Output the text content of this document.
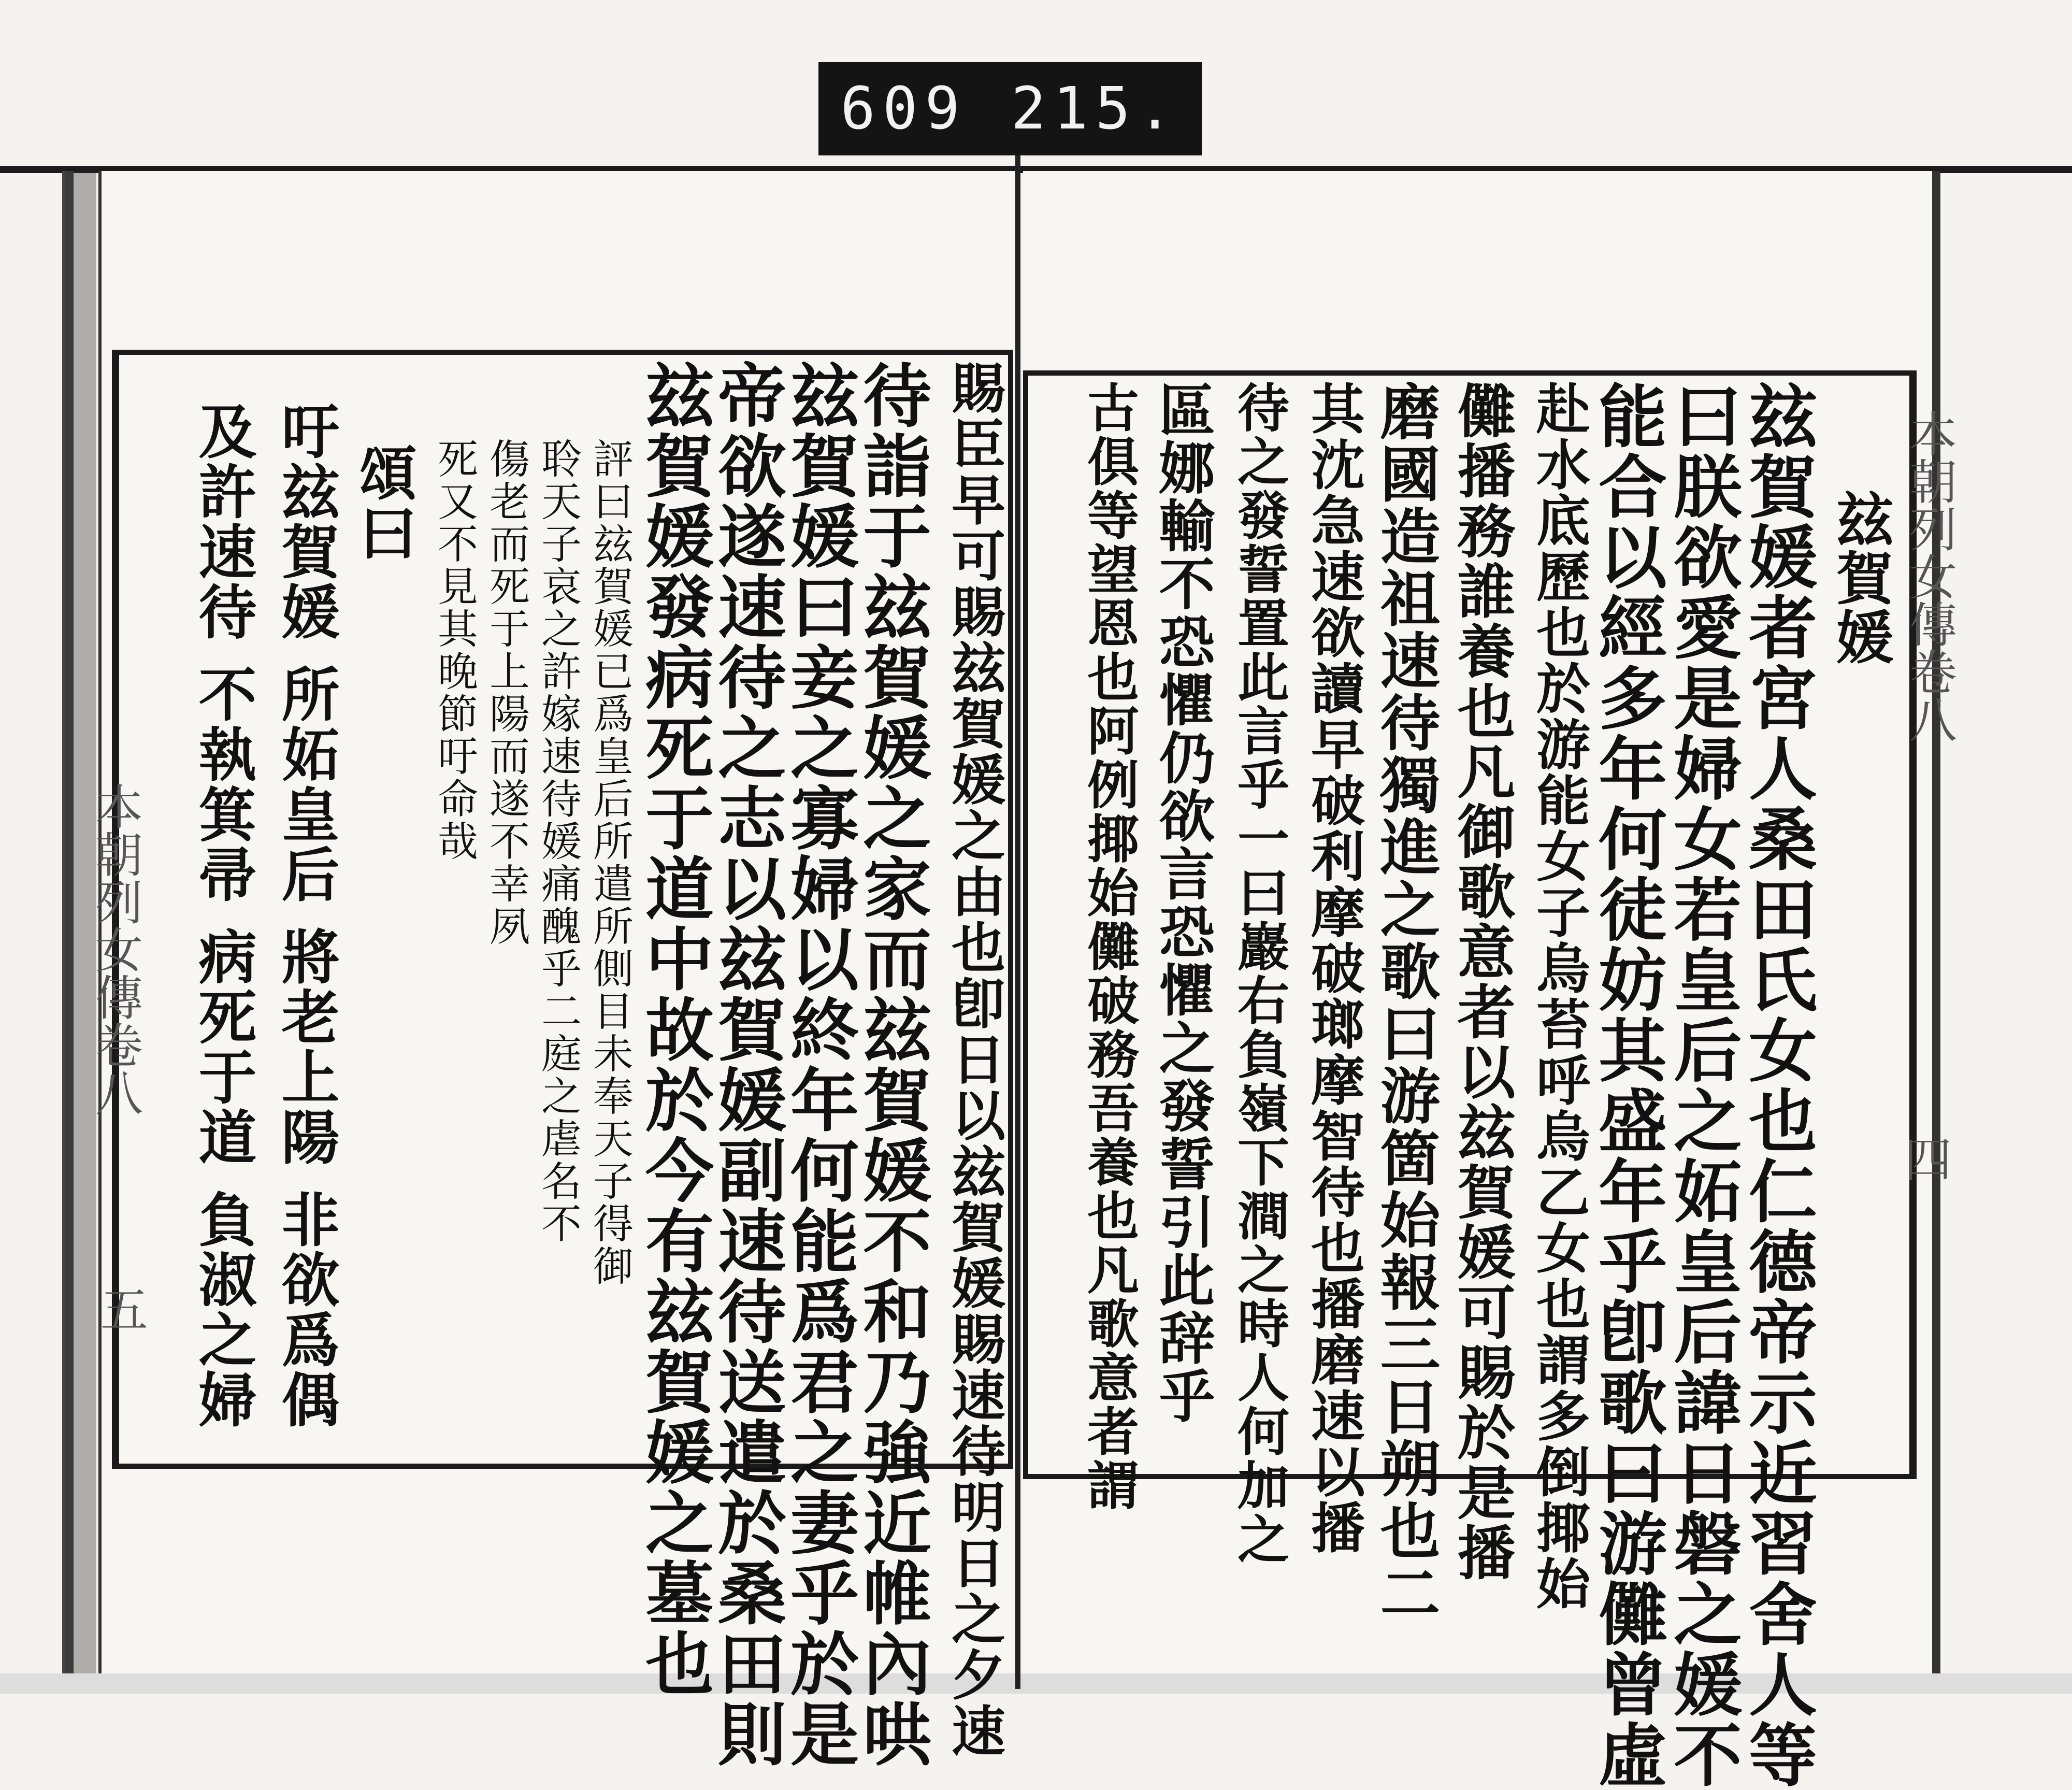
609 215.
賜臣早可賜玆賀媛之由也卽日以玆賀媛賜速待明日之夕速
待詣于玆賀媛之家而玆賀媛不和乃強近帷內哄
玆賀媛曰妾之寡婦以終年何能爲君之妻乎於是
帝欲遂速待之志以玆賀媛副速待送遣於桑田則
玆賀媛發病死于道中故於今有玆賀媛之墓也
評曰玆賀媛已爲皇后所遣所側目未奉天子得御
聆天子哀之許嫁速待媛痛醜乎二庭之虐名不
傷老而死于上陽而遂不幸夙
死又不見其晚節吁命哉
頌曰
吁玆賀媛 所妬皇后 將老上陽 非欲爲偶
及許速待 不執箕帚 病死于道 負淑之婦
本朝列女傳卷八
五
玆賀媛
玆賀媛者宮人桑田氏女也仁德帝示近習舍人等
曰朕欲愛是婦女若皇后之妬皇后諱日磐之媛不
能合以經多年何徒妨其盛年乎卽歌曰游儺曾虛
赴水底歷也於游能女子烏苔呼烏乙女也謂多倒揶始
儺播務誰養也凡御歌意者以玆賀媛可賜於是播
磨國造祖速待獨進之歌曰游箇始報三日朔也二
其沈急速欲讀早破利摩破瑯摩智待也播磨速以播
待之發誓置此言乎一曰巖右負嶺下澗之時人何加之
區娜輸不恐懼仍欲言恐懼之發誓引此辞乎
古俱等望恩也阿例揶始儺破務吾養也凡歌意者謂	本朝列女傳卷八
四
